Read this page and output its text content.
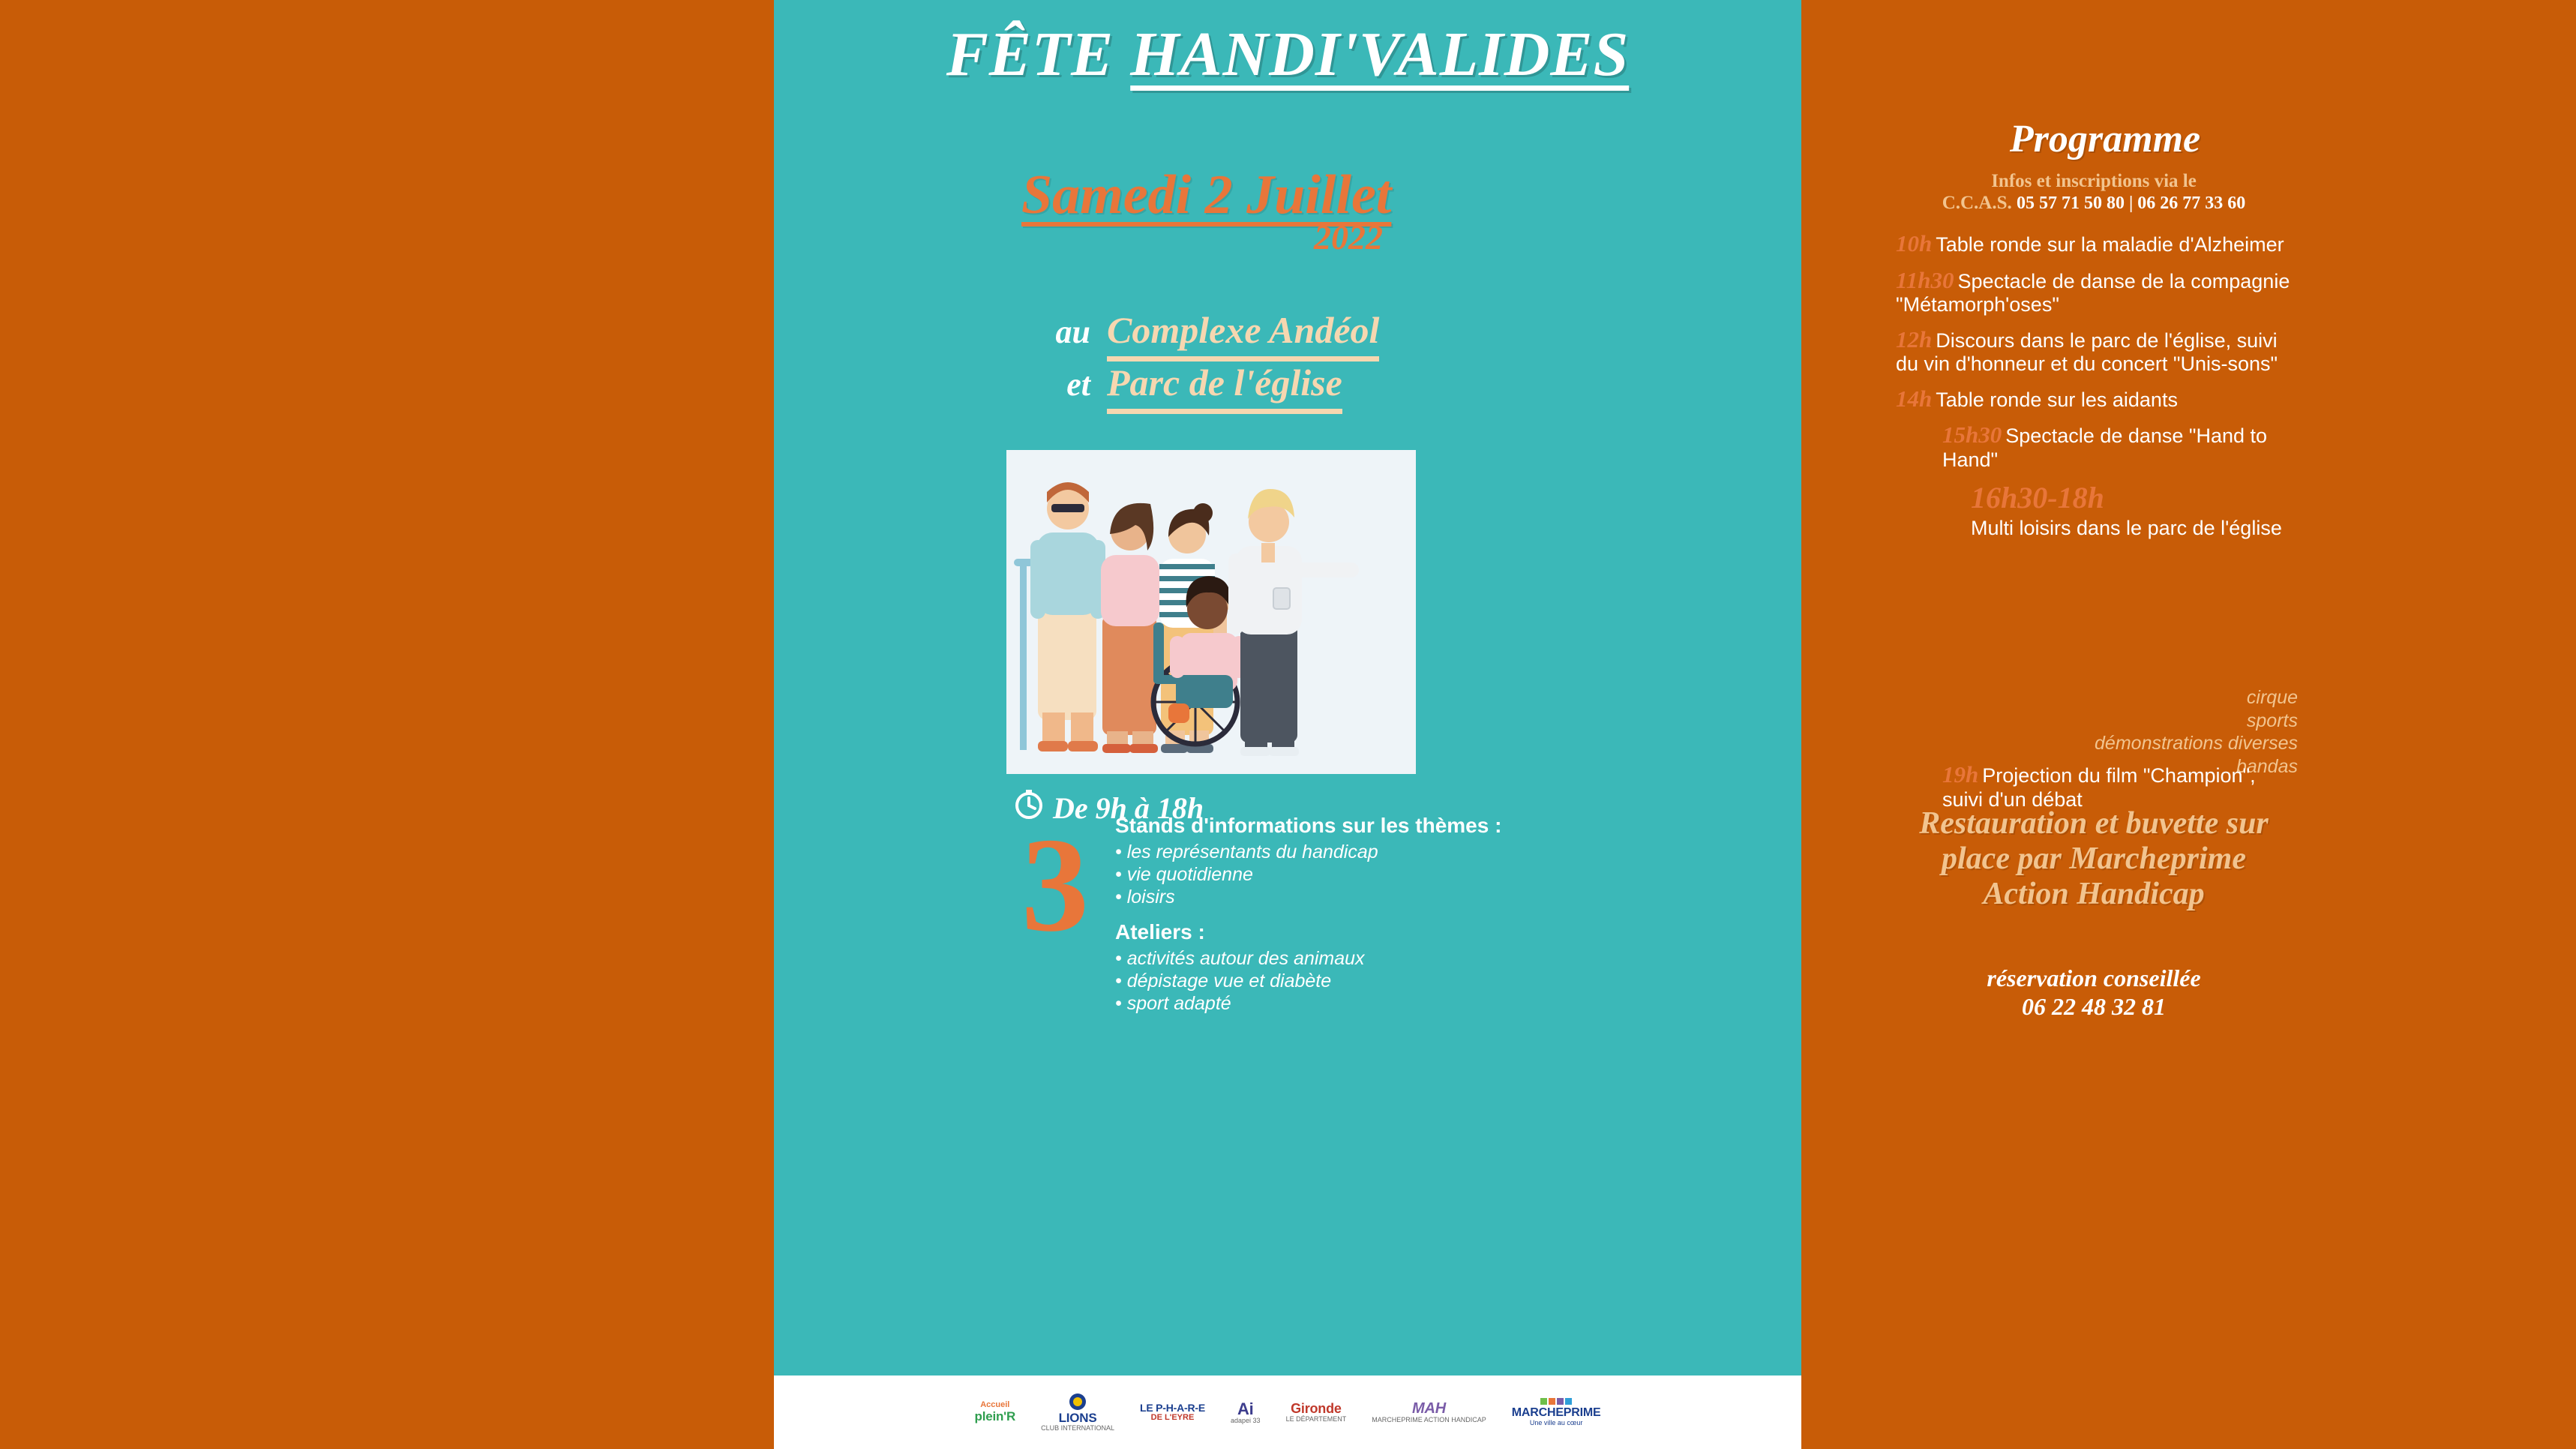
FÊTE HANDI'VALIDES
Samedi 2 Juillet
2022
au Complexe Andéol
et Parc de l'église
Programme
Infos et inscriptions via le
C.C.A.S. 05 57 71 50 80 | 06 26 77 33 60
10h Table ronde sur la maladie d'Alzheimer
11h30 Spectacle de danse de la compagnie "Métamorph'oses"
12h Discours dans le parc de l'église, suivi du vin d'honneur et du concert "Unis-sons"
14h Table ronde sur les aidants
15h30 Spectacle de danse "Hand to Hand"
16h30-18h
Multi loisirs dans le parc de l'église
cirque
sports
démonstrations diverses
bandas
19h Projection du film "Champion", suivi d'un débat
De 9h à 18h
3 Stands d'informations sur les thèmes :
• les représentants du handicap
• vie quotidienne
• loisirs
Ateliers :
• activités autour des animaux
• dépistage vue et diabète
• sport adapté
Restauration et buvette sur place par Marcheprime Action Handicap
réservation conseillée
06 22 48 32 81
Accueil
plein'R	LIONS
CLUB INTERNATIONAL
LE P-H-A-R-E
DE L'EYRE	Ai
adapei 33
Gironde
LE DÉPARTEMENT
MAH
MARCHEPRIME ACTION HANDICAP
MARCHEPRIME
Une ville au cœur
